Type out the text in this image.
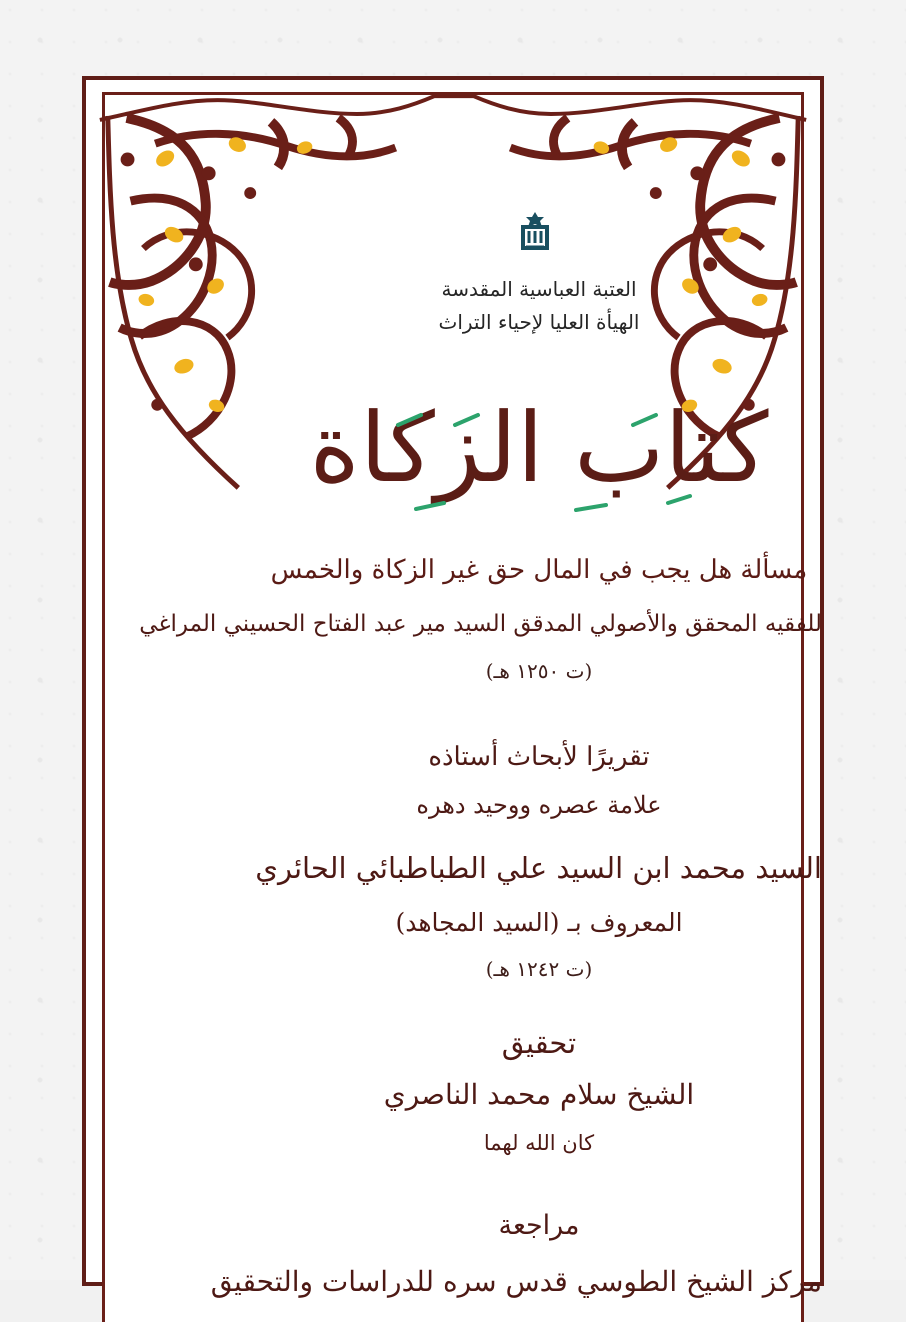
العتبة العباسية المقدسة
الهيأة العليا لإحياء التراث
كتاب الزكاة
مسألة هل يجب في المال حق غير الزكاة والخمس
للفقيه المحقق والأصولي المدقق السيد مير عبد الفتاح الحسيني المراغي
(ت ١٢٥٠ هـ)
تقريرًا لأبحاث أستاذه
علامة عصره ووحيد دهره
السيد محمد ابن السيد علي الطباطبائي الحائري
المعروف بـ (السيد المجاهد)
(ت ١٢٤٢ هـ)
تحقيق
الشيخ سلام محمد الناصري
كان الله لهما
مراجعة
مركز الشيخ الطوسي قدس سره للدراسات والتحقيق
